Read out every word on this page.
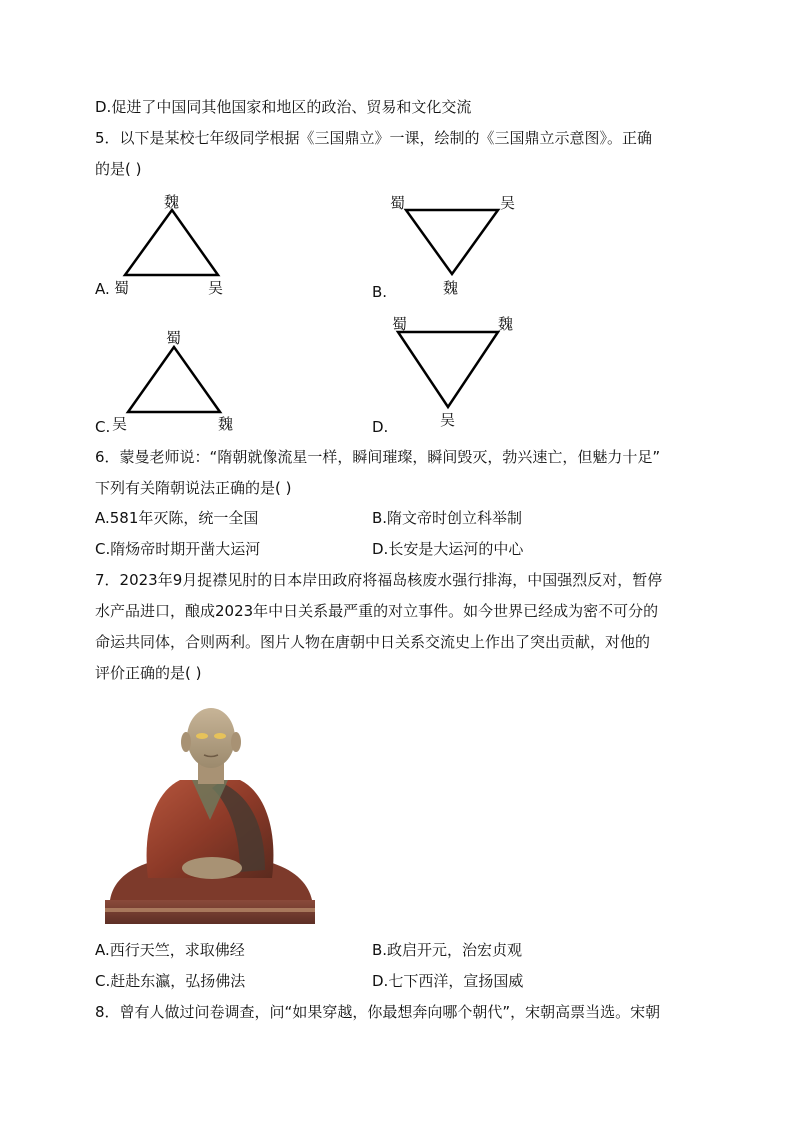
D.促进了中国同其他国家和地区的政治、贸易和文化交流
5．以下是某校七年级同学根据《三国鼎立》一课，绘制的《三国鼎立示意图》。正确
的是( )
A.
魏
蜀	吴	B.
蜀	吴
魏
C.
蜀
吴	魏	D.
蜀	魏
吴
6．蒙曼老师说：“隋朝就像流星一样，瞬间璀璨，瞬间毁灭，勃兴速亡，但魅力十足”
下列有关隋朝说法正确的是( )
A.581年灭陈，统一全国	B.隋文帝时创立科举制
C.隋炀帝时期开凿大运河	D.长安是大运河的中心
7．2023年9月捉襟见肘的日本岸田政府将福岛核废水强行排海，中国强烈反对，暂停
水产品进口，酿成2023年中日关系最严重的对立事件。如今世界已经成为密不可分的
命运共同体，合则两利。图片人物在唐朝中日关系交流史上作出了突出贡献，对他的
评价正确的是( )
A.西行天竺，求取佛经	B.政启开元，治宏贞观
C.赶赴东瀛，弘扬佛法	D.七下西洋，宣扬国威
8．曾有人做过问卷调查，问“如果穿越，你最想奔向哪个朝代”，宋朝高票当选。宋朝
